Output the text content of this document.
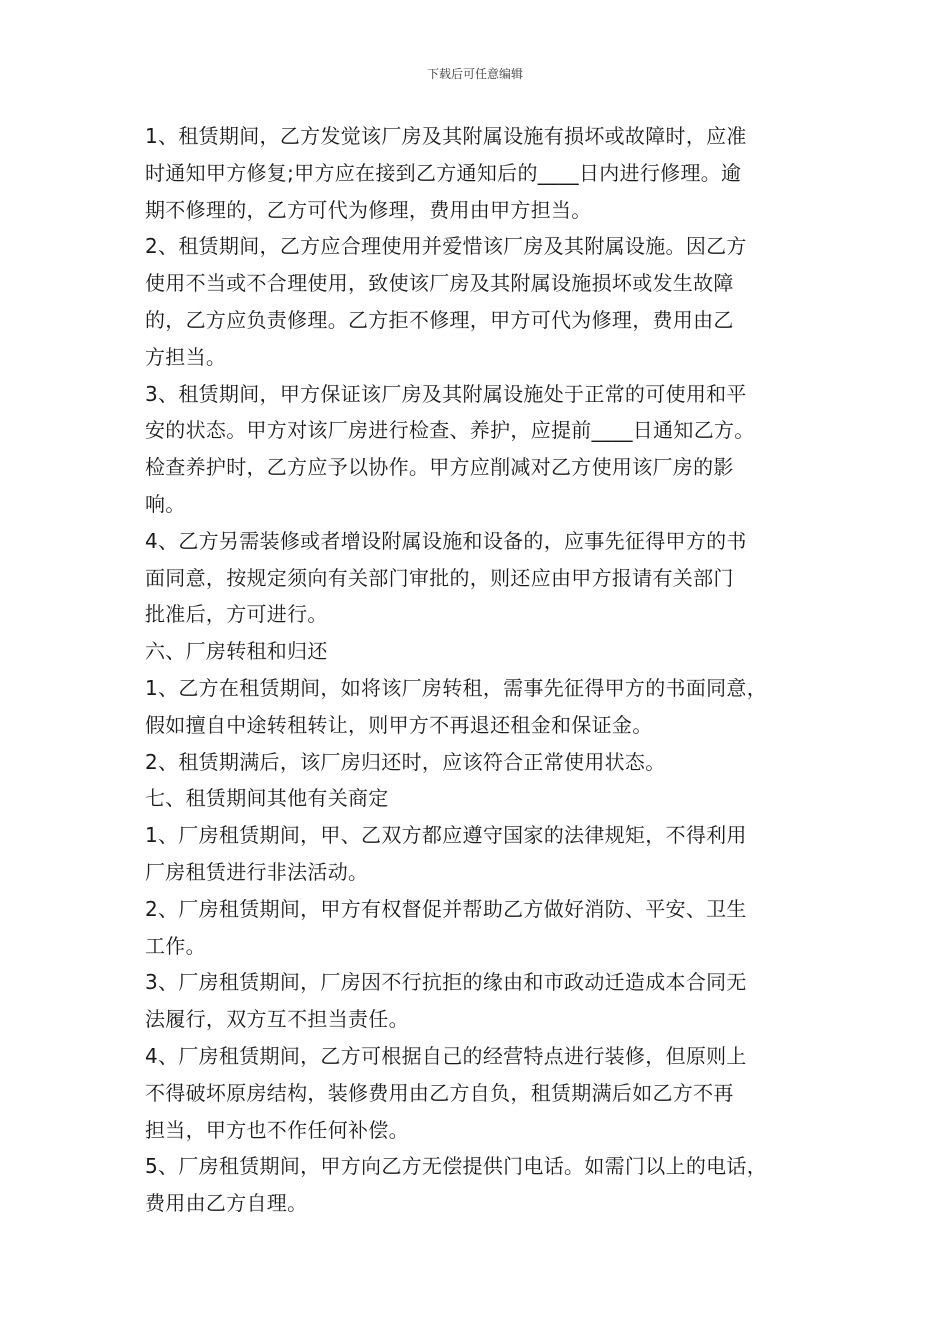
下载后可任意编辑
1、租赁期间，乙方发觉该厂房及其附属设施有损坏或故障时，应准
时通知甲方修复;甲方应在接到乙方通知后的____日内进行修理。逾
期不修理的，乙方可代为修理，费用由甲方担当。
2、租赁期间，乙方应合理使用并爱惜该厂房及其附属设施。因乙方
使用不当或不合理使用，致使该厂房及其附属设施损坏或发生故障
的，乙方应负责修理。乙方拒不修理，甲方可代为修理，费用由乙
方担当。
3、租赁期间，甲方保证该厂房及其附属设施处于正常的可使用和平
安的状态。甲方对该厂房进行检查、养护，应提前____日通知乙方。
检查养护时，乙方应予以协作。甲方应削减对乙方使用该厂房的影
响。
4、乙方另需装修或者增设附属设施和设备的，应事先征得甲方的书
面同意，按规定须向有关部门审批的，则还应由甲方报请有关部门
批准后，方可进行。
六、厂房转租和归还
1、乙方在租赁期间，如将该厂房转租，需事先征得甲方的书面同意，
假如擅自中途转租转让，则甲方不再退还租金和保证金。
2、租赁期满后，该厂房归还时，应该符合正常使用状态。
七、租赁期间其他有关商定
1、厂房租赁期间，甲、乙双方都应遵守国家的法律规矩，不得利用
厂房租赁进行非法活动。
2、厂房租赁期间，甲方有权督促并帮助乙方做好消防、平安、卫生
工作。
3、厂房租赁期间，厂房因不行抗拒的缘由和市政动迁造成本合同无
法履行，双方互不担当责任。
4、厂房租赁期间，乙方可根据自己的经营特点进行装修，但原则上
不得破坏原房结构，装修费用由乙方自负，租赁期满后如乙方不再
担当，甲方也不作任何补偿。
5、厂房租赁期间，甲方向乙方无偿提供门电话。如需门以上的电话，
费用由乙方自理。
